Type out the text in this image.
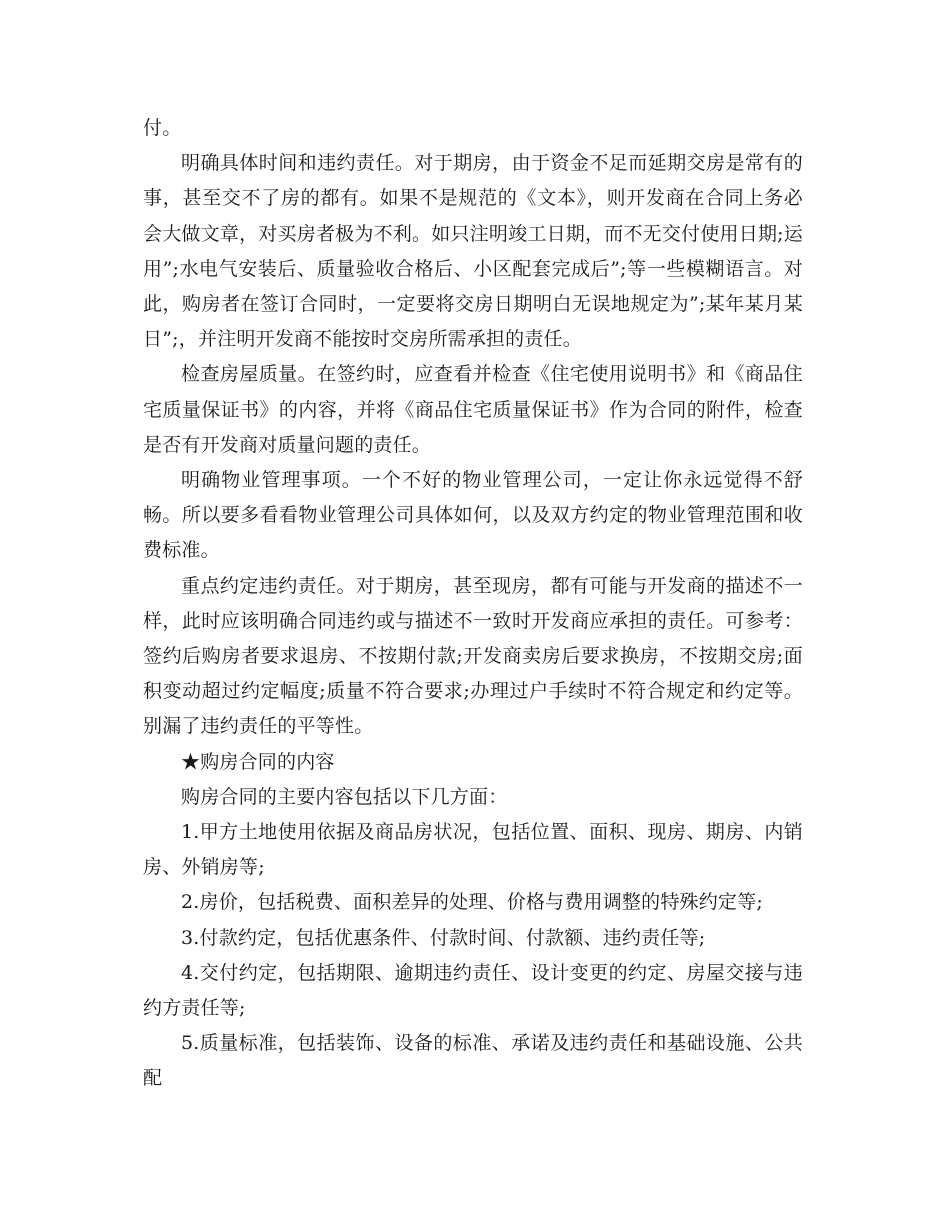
付。

明确具体时间和违约责任。对于期房，由于资金不足而延期交房是常有的事，甚至交不了房的都有。如果不是规范的《文本》，则开发商在合同上务必会大做文章，对买房者极为不利。如只注明竣工日期，而不无交付使用日期;运用”;水电气安装后、质量验收合格后、小区配套完成后”;等一些模糊语言。对此，购房者在签订合同时，一定要将交房日期明白无误地规定为”;某年某月某日”;，并注明开发商不能按时交房所需承担的责任。

检查房屋质量。在签约时，应查看并检查《住宅使用说明书》和《商品住宅质量保证书》的内容，并将《商品住宅质量保证书》作为合同的附件，检查是否有开发商对质量问题的责任。

明确物业管理事项。一个不好的物业管理公司，一定让你永远觉得不舒畅。所以要多看看物业管理公司具体如何，以及双方约定的物业管理范围和收费标准。

重点约定违约责任。对于期房，甚至现房，都有可能与开发商的描述不一样，此时应该明确合同违约或与描述不一致时开发商应承担的责任。可参考：签约后购房者要求退房、不按期付款;开发商卖房后要求换房，不按期交房;面积变动超过约定幅度;质量不符合要求;办理过户手续时不符合规定和约定等。别漏了违约责任的平等性。

★购房合同的内容

购房合同的主要内容包括以下几方面：

1.甲方土地使用依据及商品房状况，包括位置、面积、现房、期房、内销房、外销房等;

2.房价，包括税费、面积差异的处理、价格与费用调整的特殊约定等;

3.付款约定，包括优惠条件、付款时间、付款额、违约责任等;

4.交付约定，包括期限、逾期违约责任、设计变更的约定、房屋交接与违约方责任等;

5.质量标准，包括装饰、设备的标准、承诺及违约责任和基础设施、公共配
